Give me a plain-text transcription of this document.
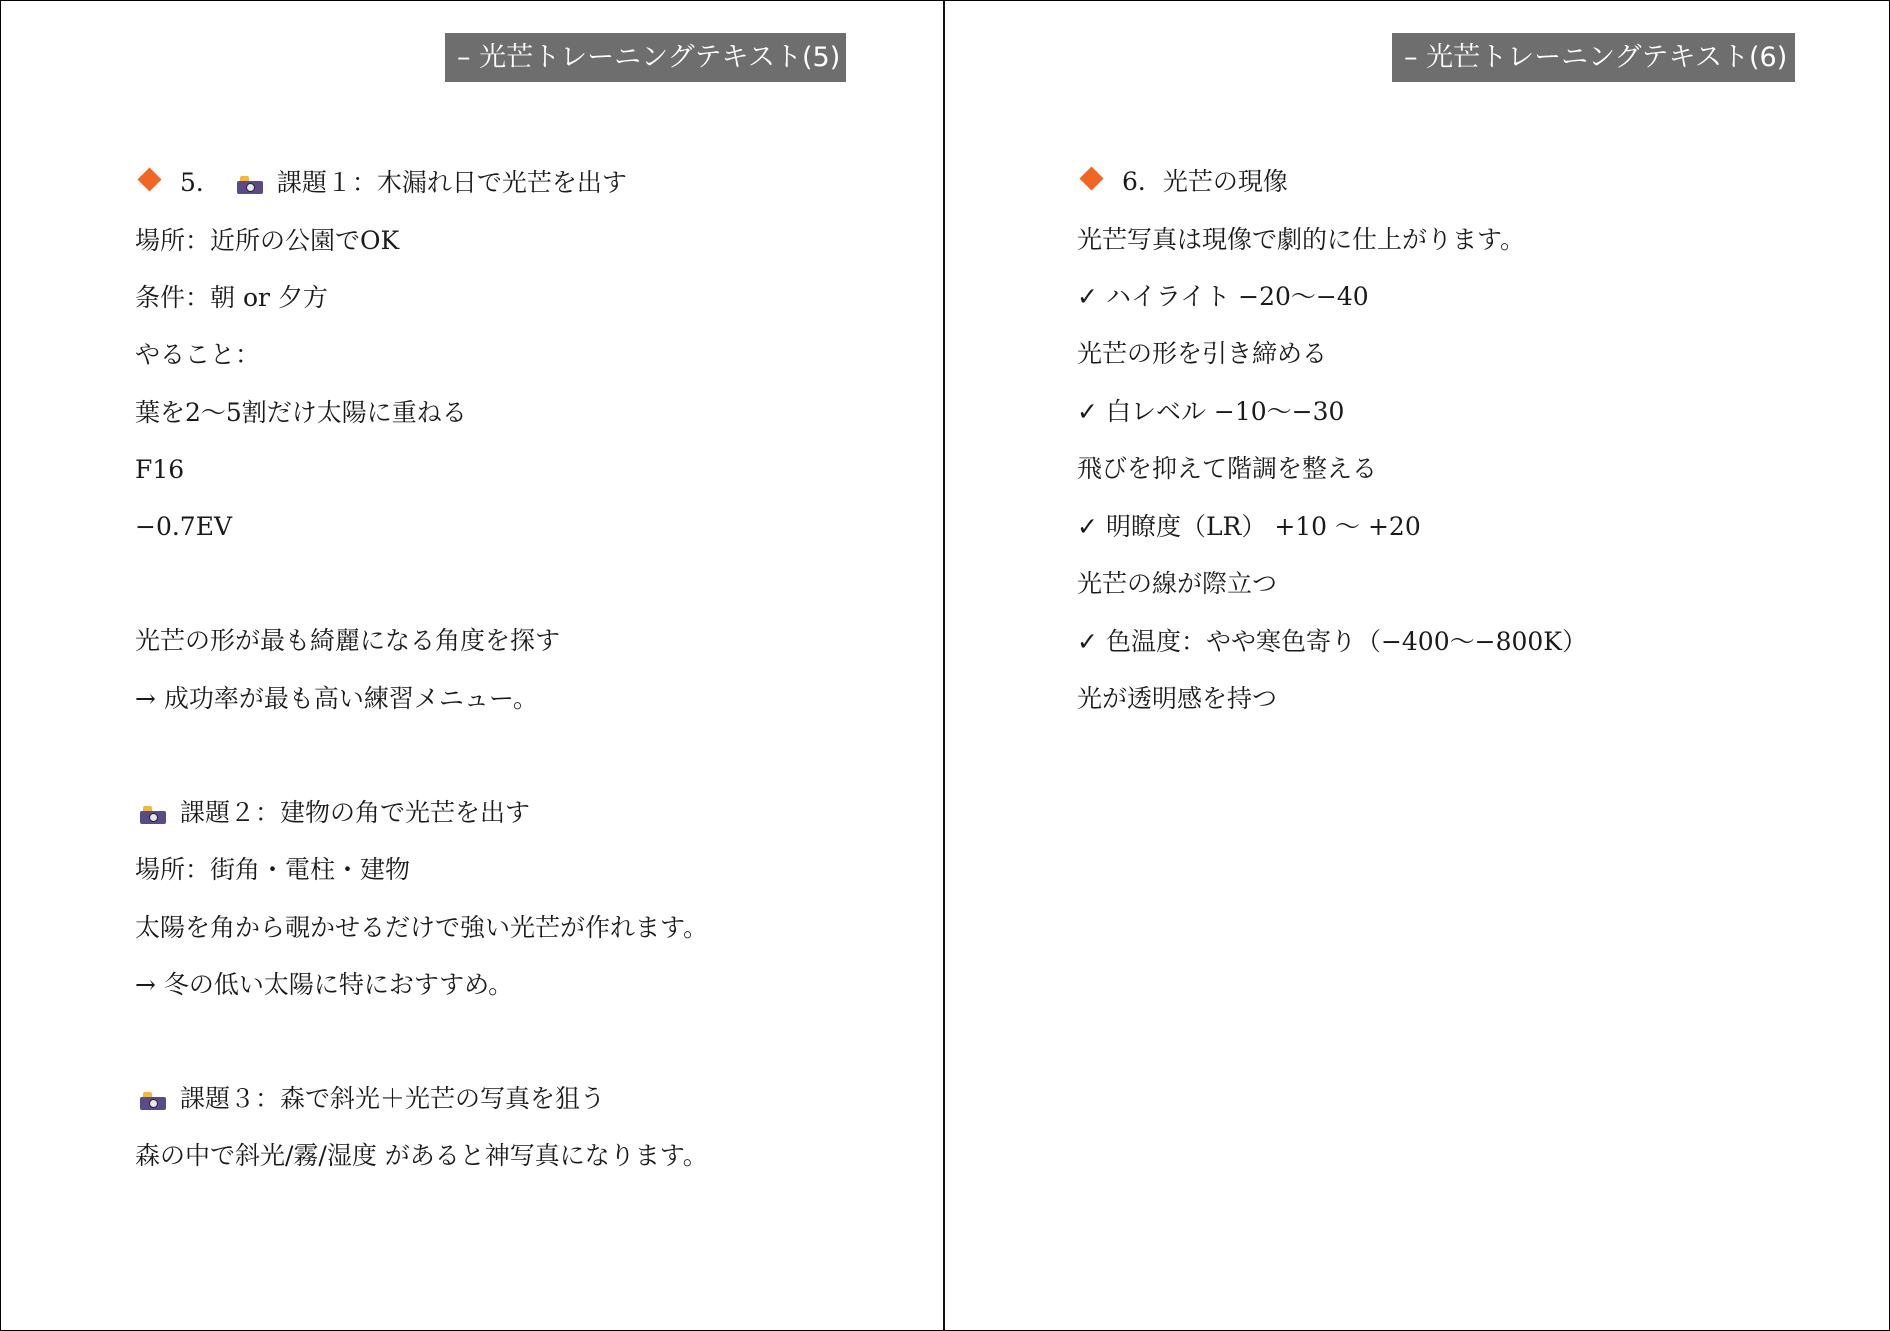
– 光芒トレーニングテキスト(5)
5． 課題１：木漏れ日で光芒を出す
場所：近所の公園でOK
条件：朝 or 夕方
やること：
葉を2〜5割だけ太陽に重ねる
F16
−0.7EV
光芒の形が最も綺麗になる角度を探す
→ 成功率が最も高い練習メニュー。
課題２：建物の角で光芒を出す
場所：街角・電柱・建物
太陽を角から覗かせるだけで強い光芒が作れます。
→ 冬の低い太陽に特におすすめ。
課題３：森で斜光＋光芒の写真を狙う
森の中で斜光/霧/湿度 があると神写真になります。
– 光芒トレーニングテキスト(6)
6．光芒の現像
光芒写真は現像で劇的に仕上がります。
✓ ハイライト −20〜−40
光芒の形を引き締める
✓ 白レベル −10〜−30
飛びを抑えて階調を整える
✓ 明瞭度（LR） +10 〜 +20
光芒の線が際立つ
✓ 色温度：やや寒色寄り（−400〜−800K）
光が透明感を持つ
